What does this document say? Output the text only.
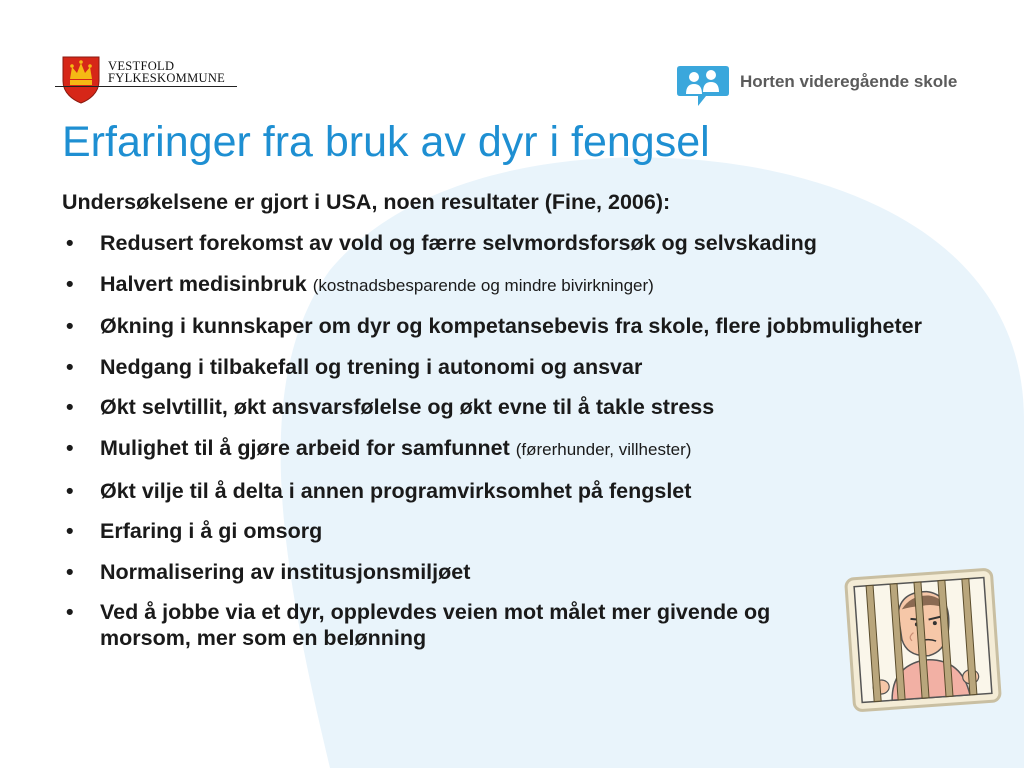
VESTFOLD
FYLKESKOMMUNE	Horten videregående skole
Erfaringer fra bruk av dyr i fengsel
Undersøkelsene er gjort i USA, noen resultater (Fine, 2006):
• Redusert forekomst av vold og færre selvmordsforsøk og selvskading
• Halvert medisinbruk (kostnadsbesparende og mindre bivirkninger)
• Økning i kunnskaper om dyr og kompetansebevis fra skole, flere jobbmuligheter
• Nedgang i tilbakefall og trening i autonomi og ansvar
• Økt selvtillit, økt ansvarsfølelse og økt evne til å takle stress
• Mulighet til å gjøre arbeid for samfunnet (førerhunder, villhester)
• Økt vilje til å delta i annen programvirksomhet på fengslet
• Erfaring i å gi omsorg
• Normalisering av institusjonsmiljøet
• Ved å jobbe via et dyr, opplevdes veien mot målet mer givende og morsom, mer som en belønning
